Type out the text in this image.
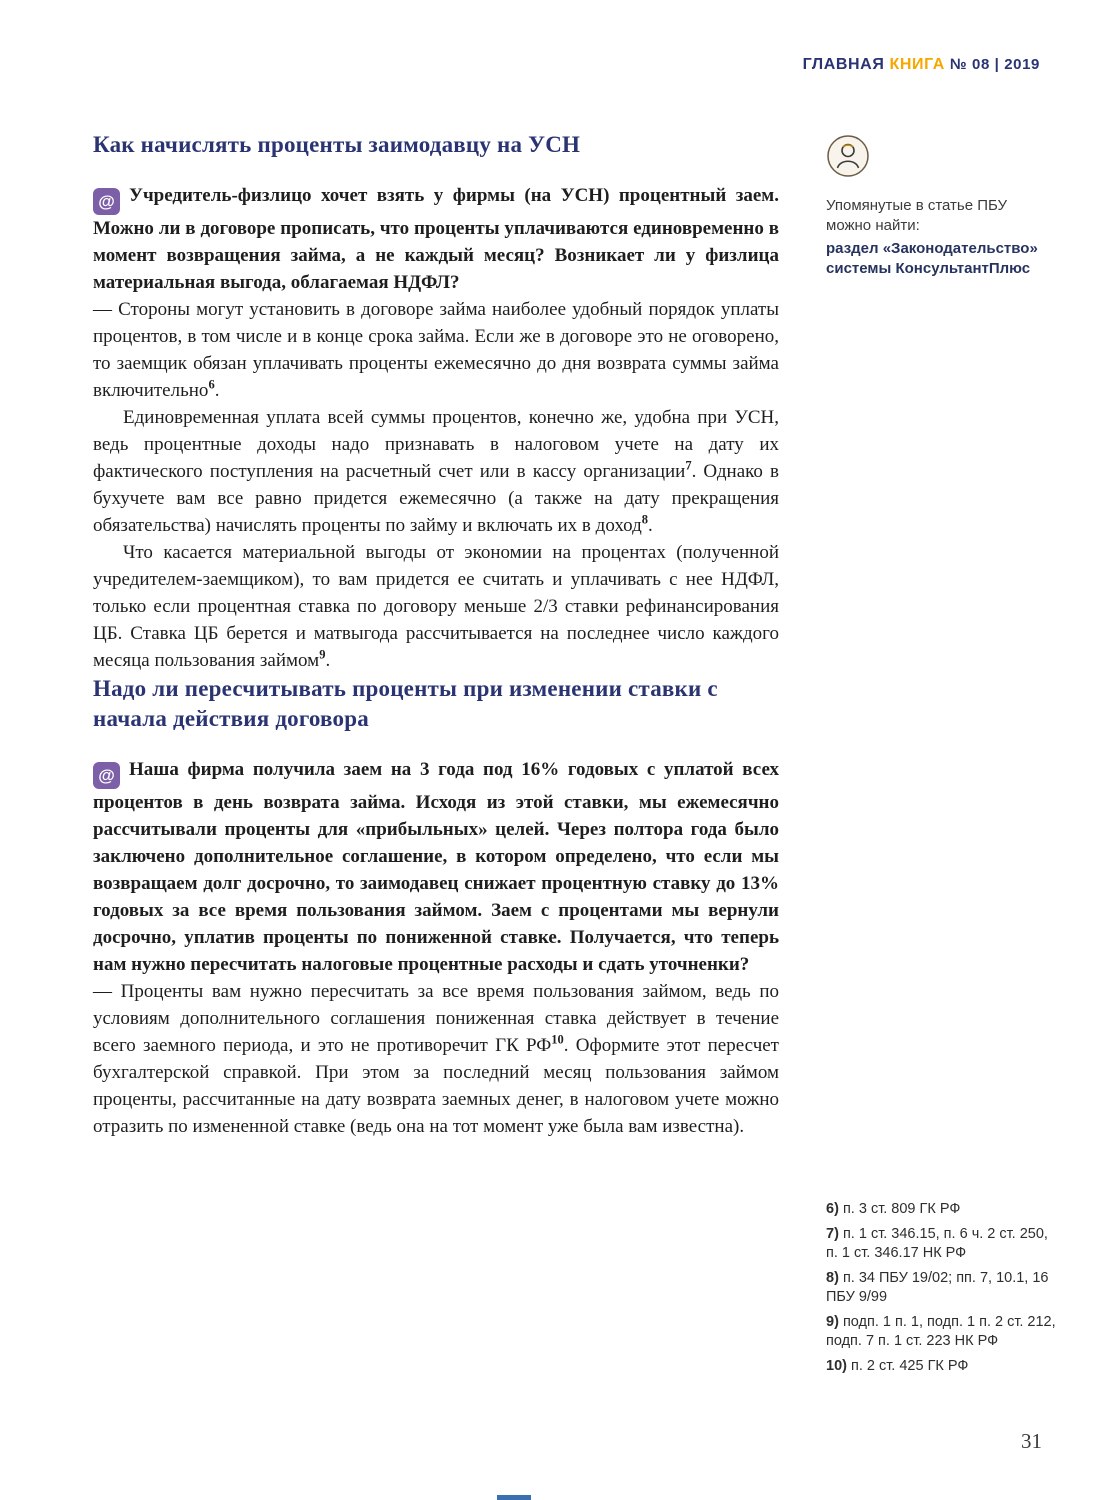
ГЛАВНАЯ КНИГА № 08 | 2019
Как начислять проценты заимодавцу на УСН

@ Учредитель-физлицо хочет взять у фирмы (на УСН) процентный заем. Можно ли в договоре прописать, что проценты уплачиваются единовременно в момент возвращения займа, а не каждый месяц? Возникает ли у физлица материальная выгода, облагаемая НДФЛ?

— Стороны могут установить в договоре займа наиболее удобный порядок уплаты процентов, в том числе и в конце срока займа. Если же в договоре это не оговорено, то заемщик обязан уплачивать проценты ежемесячно до дня возврата суммы займа включительно$^6$.

Единовременная уплата всей суммы процентов, конечно же, удобна при УСН, ведь процентные доходы надо признавать в налоговом учете на дату их фактического поступления на расчетный счет или в кассу организации$^7$. Однако в бухучете вам все равно придется ежемесячно (а также на дату прекращения обязательства) начислять проценты по займу и включать их в доход$^8$.

Что касается материальной выгоды от экономии на процентах (полученной учредителем-заемщиком), то вам придется ее считать и уплачивать с нее НДФЛ, только если процентная ставка по договору меньше 2/3 ставки рефинансирования ЦБ. Ставка ЦБ берется и матвыгода рассчитывается на последнее число каждого месяца пользования займом$^9$.

Надо ли пересчитывать проценты при изменении ставки с начала действия договора

@ Наша фирма получила заем на 3 года под 16% годовых с уплатой всех процентов в день возврата займа. Исходя из этой ставки, мы ежемесячно рассчитывали проценты для «прибыльных» целей. Через полтора года было заключено дополнительное соглашение, в котором определено, что если мы возвращаем долг досрочно, то заимодавец снижает процентную ставку до 13% годовых за все время пользования займом. Заем с процентами мы вернули досрочно, уплатив проценты по пониженной ставке. Получается, что теперь нам нужно пересчитать налоговые процентные расходы и сдать уточненки?

— Проценты вам нужно пересчитать за все время пользования займом, ведь по условиям дополнительного соглашения пониженная ставка действует в течение всего заемного периода, и это не противоречит ГК РФ$^{10}$. Оформите этот пересчет бухгалтерской справкой. При этом за последний месяц пользования займом проценты, рассчитанные на дату возврата заемных денег, в налоговом учете можно отразить по измененной ставке (ведь она на тот момент уже была вам известна).

Упомянутые в статье ПБУ можно найти:
раздел «Законодательство» системы КонсультантПлюс
6) п. 3 ст. 809 ГК РФ
7) п. 1 ст. 346.15, п. 6 ч. 2 ст. 250, п. 1 ст. 346.17 НК РФ
8) п. 34 ПБУ 19/02; пп. 7, 10.1, 16 ПБУ 9/99
9) подп. 1 п. 1, подп. 1 п. 2 ст. 212, подп. 7 п. 1 ст. 223 НК РФ
10) п. 2 ст. 425 ГК РФ
31
